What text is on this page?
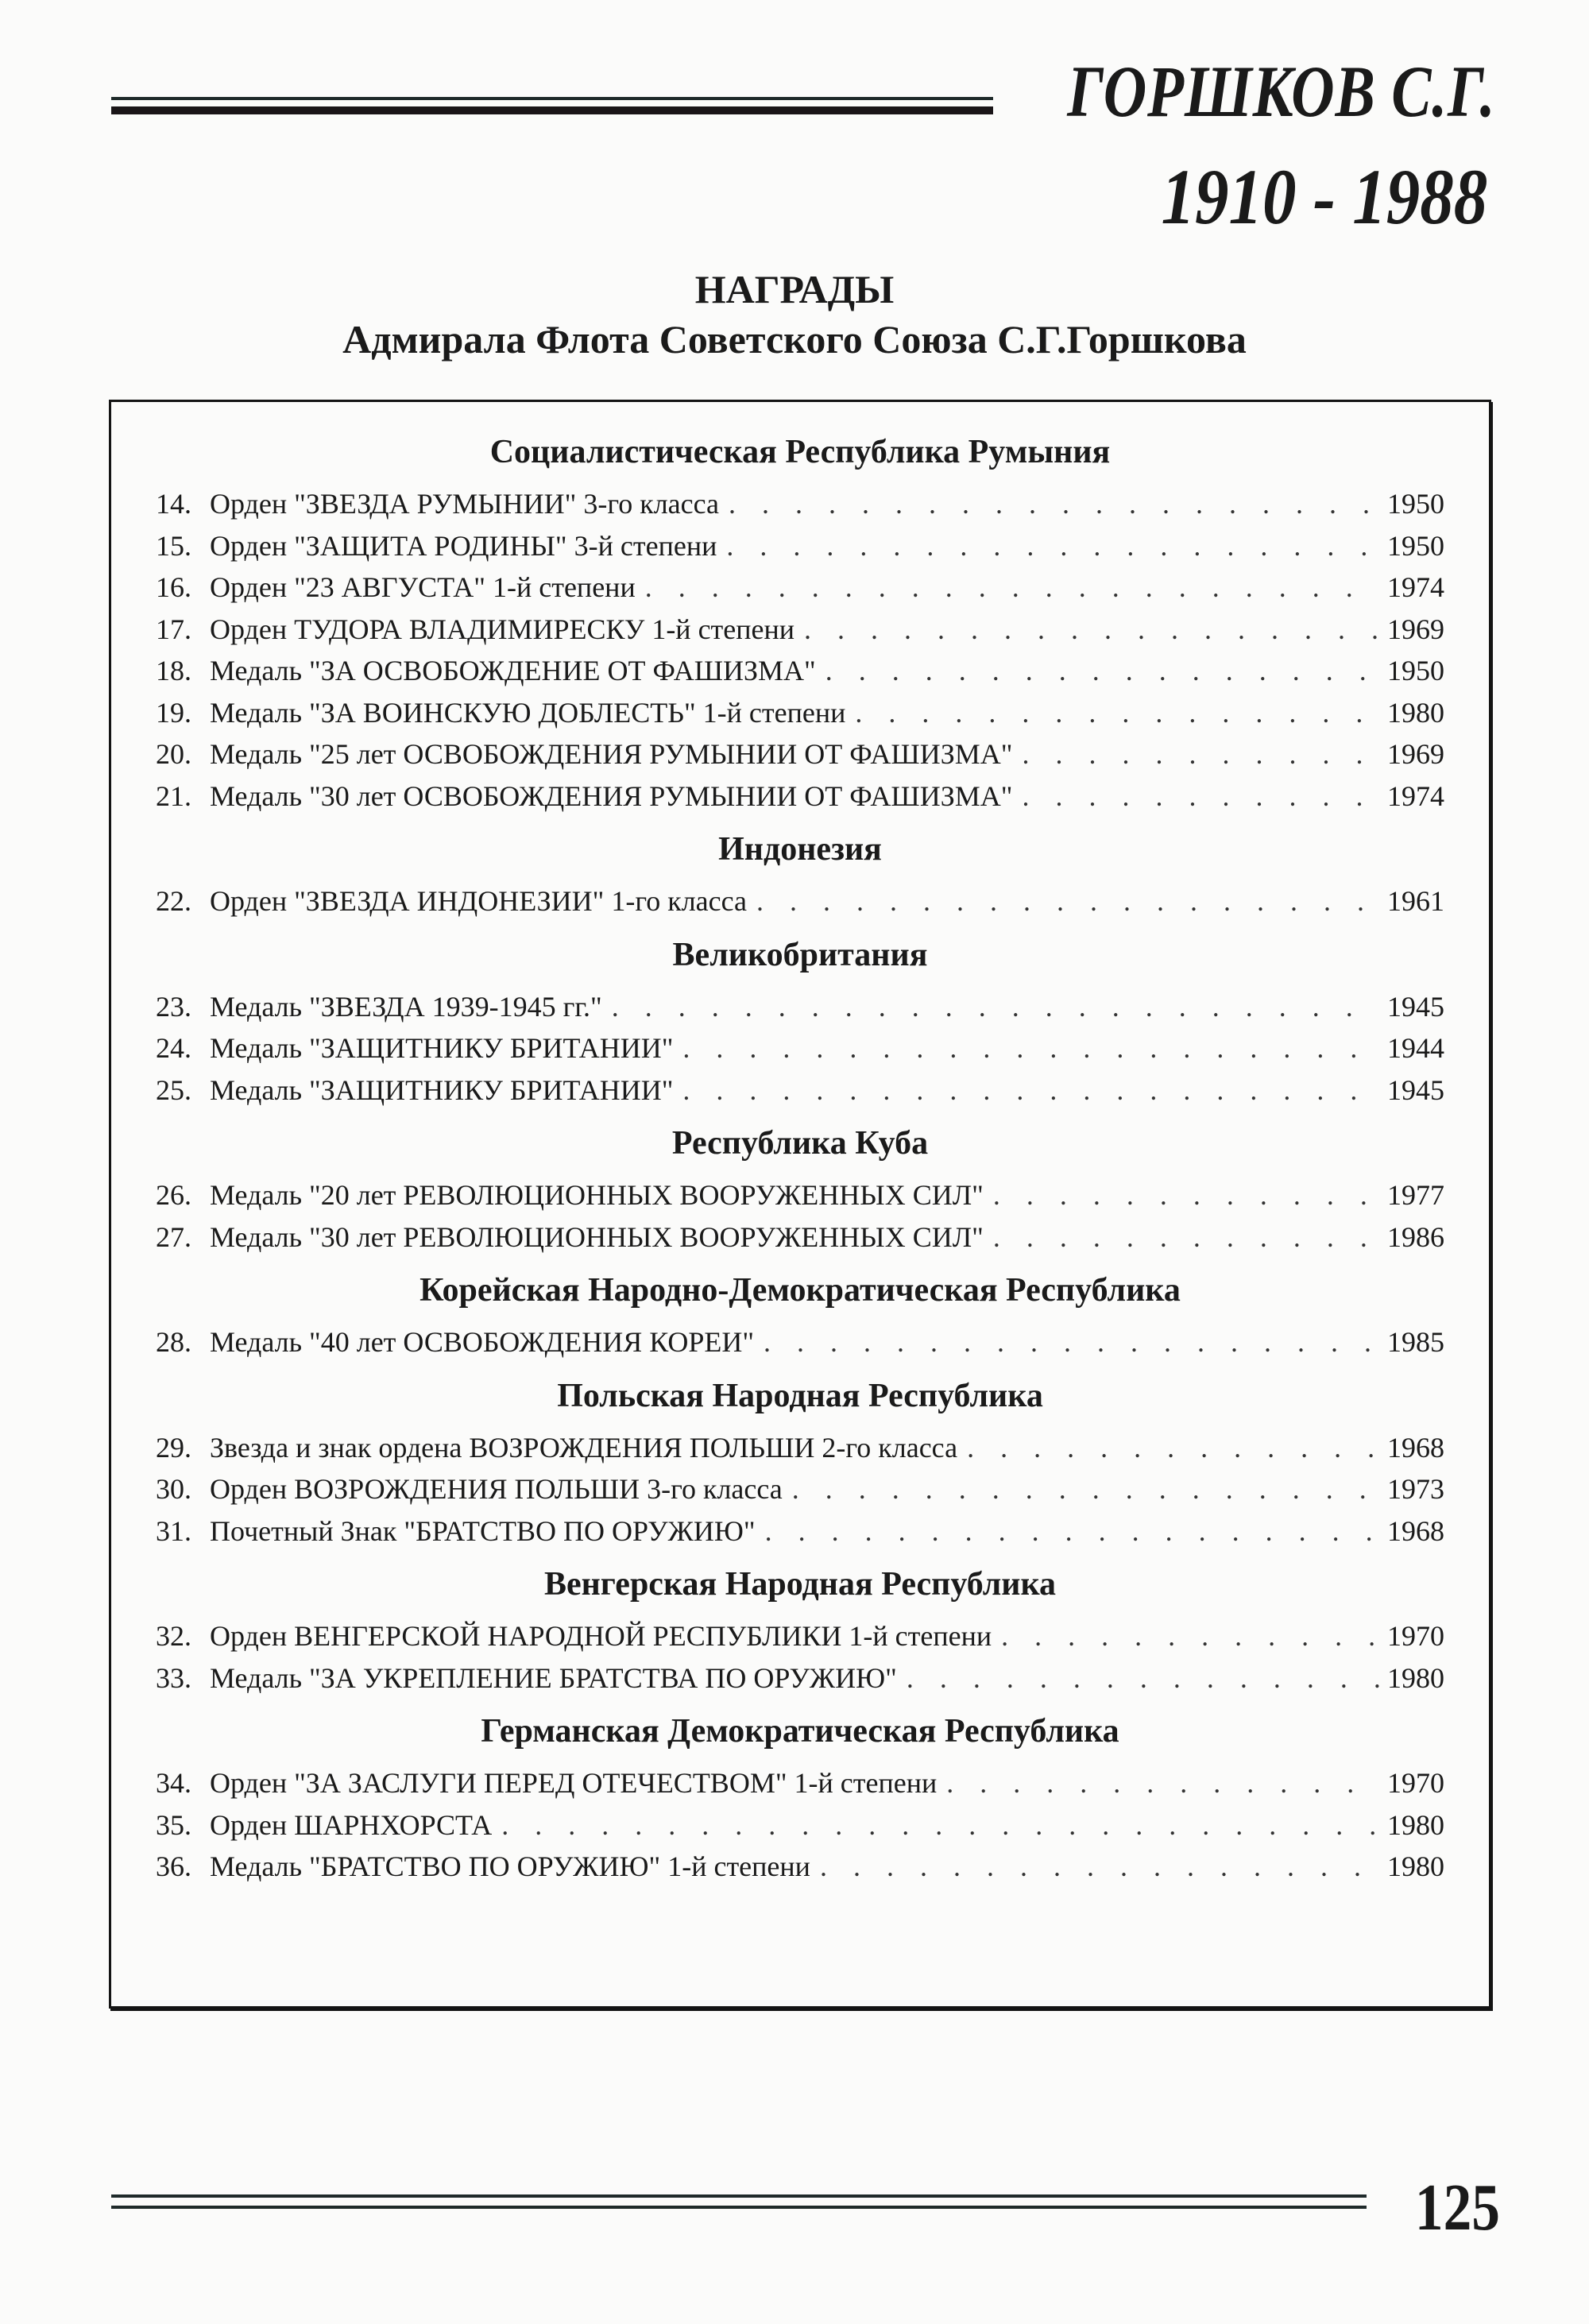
ГОРШКОВ С.Г.
1910 - 1988
НАГРАДЫ
Адмирала Флота Советского Союза С.Г.Горшкова
Социалистическая Республика Румыния
14. Орден "ЗВЕЗДА РУМЫНИИ" 3-го класса . . .	1950
15. Орден "ЗАЩИТА РОДИНЫ" 3-й степени . . .	1950
16. Орден "23 АВГУСТА" 1-й степени . . .	1974
17. Орден ТУДОРА ВЛАДИМИРЕСКУ 1-й степени . . .	1969
18. Медаль "ЗА ОСВОБОЖДЕНИЕ ОТ ФАШИЗМА" . . .	1950
19. Медаль "ЗА ВОИНСКУЮ ДОБЛЕСТЬ" 1-й степени . . .	1980
20. Медаль "25 лет ОСВОБОЖДЕНИЯ РУМЫНИИ ОТ ФАШИЗМА" . . .	1969
21. Медаль "30 лет ОСВОБОЖДЕНИЯ РУМЫНИИ ОТ ФАШИЗМА" . . .	1974
Индонезия
22. Орден "ЗВЕЗДА ИНДОНЕЗИИ" 1-го класса . . .	1961
Великобритания
23. Медаль "ЗВЕЗДА 1939-1945 гг." . . .	1945
24. Медаль "ЗАЩИТНИКУ БРИТАНИИ" . . .	1944
25. Медаль "ЗАЩИТНИКУ БРИТАНИИ" . . .	1945
Республика Куба
26. Медаль "20 лет РЕВОЛЮЦИОННЫХ ВООРУЖЕННЫХ СИЛ" . . .	1977
27. Медаль "30 лет РЕВОЛЮЦИОННЫХ ВООРУЖЕННЫХ СИЛ" . . .	1986
Корейская Народно-Демократическая Республика
28. Медаль "40 лет ОСВОБОЖДЕНИЯ КОРЕИ" . . .	1985
Польская Народная Республика
29. Звезда и знак ордена ВОЗРОЖДЕНИЯ ПОЛЬШИ 2-го класса . . .	1968
30. Орден ВОЗРОЖДЕНИЯ ПОЛЬШИ 3-го класса . . .	1973
31. Почетный Знак "БРАТСТВО ПО ОРУЖИЮ" . . .	1968
Венгерская Народная Республика
32. Орден ВЕНГЕРСКОЙ НАРОДНОЙ РЕСПУБЛИКИ 1-й степени . . .	1970
33. Медаль "ЗА УКРЕПЛЕНИЕ БРАТСТВА ПО ОРУЖИЮ" . . .	1980
Германская Демократическая Республика
34. Орден "ЗА ЗАСЛУГИ ПЕРЕД ОТЕЧЕСТВОМ" 1-й степени . . .	1970
35. Орден ШАРНХОРСТА . . .	1980
36. Медаль "БРАТСТВО ПО ОРУЖИЮ" 1-й степени . . .	1980
125
